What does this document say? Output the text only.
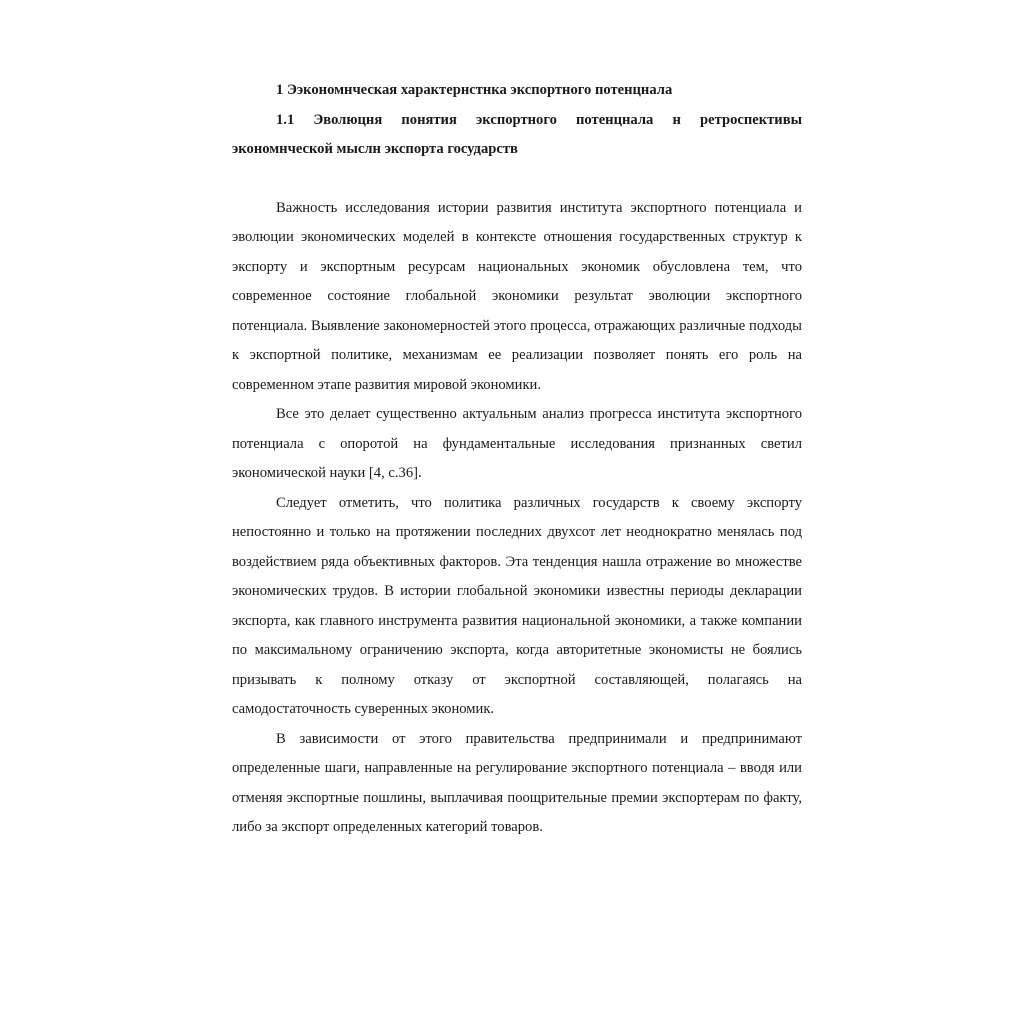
1 Ээкономнческая характернстнка экспортного потенцнала

1.1 Эволюцня понятия экспортного потенцнала н ретроспективы экономнческой мыслн экспорта государств

Важность исследования истории развития института экспортного потенциала и эволюции экономических моделей в контексте отношения государственных структур к экспорту и экспортным ресурсам национальных экономик обусловлена тем, что современное состояние глобальной экономики результат эволюции экспортного потенциала. Выявление закономерностей этого процесса, отражающих различные подходы к экспортной политике, механизмам ее реализации позволяет понять его роль на современном этапе развития мировой экономики.

Все это делает существенно актуальным анализ прогресса института экспортного потенциала с опоротой на фундаментальные исследования признанных светил экономической науки [4, с.36].

Следует отметить, что политика различных государств к своему экспорту непостоянно и только на протяжении последних двухсот лет неоднократно менялась под воздействием ряда объективных факторов. Эта тенденция нашла отражение во множестве экономических трудов. В истории глобальной экономики известны периоды декларации экспорта, как главного инструмента развития национальной экономики, а также компании по максимальному ограничению экспорта, когда авторитетные экономисты не боялись призывать к полному отказу от экспортной составляющей, полагаясь на самодостаточность суверенных экономик.

В зависимости от этого правительства предпринимали и предпринимают определенные шаги, направленные на регулирование экспортного потенциала – вводя или отменяя экспортные пошлины, выплачивая поощрительные премии экспортерам по факту, либо за экспорт определенных категорий товаров.
